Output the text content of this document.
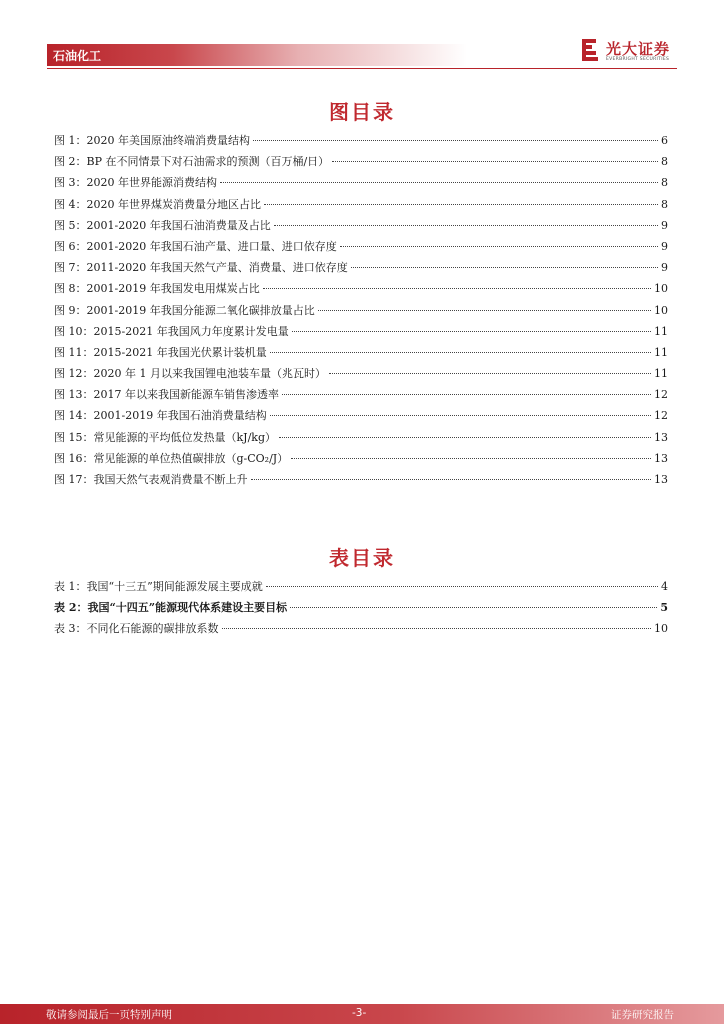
石油化工	光大证券
EVERBRIGHT SECURITIES
图目录
图 1：2020 年美国原油终端消费量结构	6
图 2：BP 在不同情景下对石油需求的预测（百万桶/日）	8
图 3：2020 年世界能源消费结构	8
图 4：2020 年世界煤炭消费量分地区占比	8
图 5：2001-2020 年我国石油消费量及占比	9
图 6：2001-2020 年我国石油产量、进口量、进口依存度	9
图 7：2011-2020 年我国天然气产量、消费量、进口依存度	9
图 8：2001-2019 年我国发电用煤炭占比	10
图 9：2001-2019 年我国分能源二氧化碳排放量占比	10
图 10：2015-2021 年我国风力年度累计发电量	11
图 11：2015-2021 年我国光伏累计装机量	11
图 12：2020 年 1 月以来我国锂电池装车量（兆瓦时）	11
图 13：2017 年以来我国新能源车销售渗透率	12
图 14：2001-2019 年我国石油消费量结构	12
图 15：常见能源的平均低位发热量（kJ/kg）	13
图 16：常见能源的单位热值碳排放（g-CO₂/J）	13
图 17：我国天然气表观消费量不断上升	13
表目录
表 1：我国“十三五”期间能源发展主要成就	4
表 2：我国“十四五”能源现代体系建设主要目标	5
表 3：不同化石能源的碳排放系数	10
敬请参阅最后一页特别声明	-3-	证券研究报告
